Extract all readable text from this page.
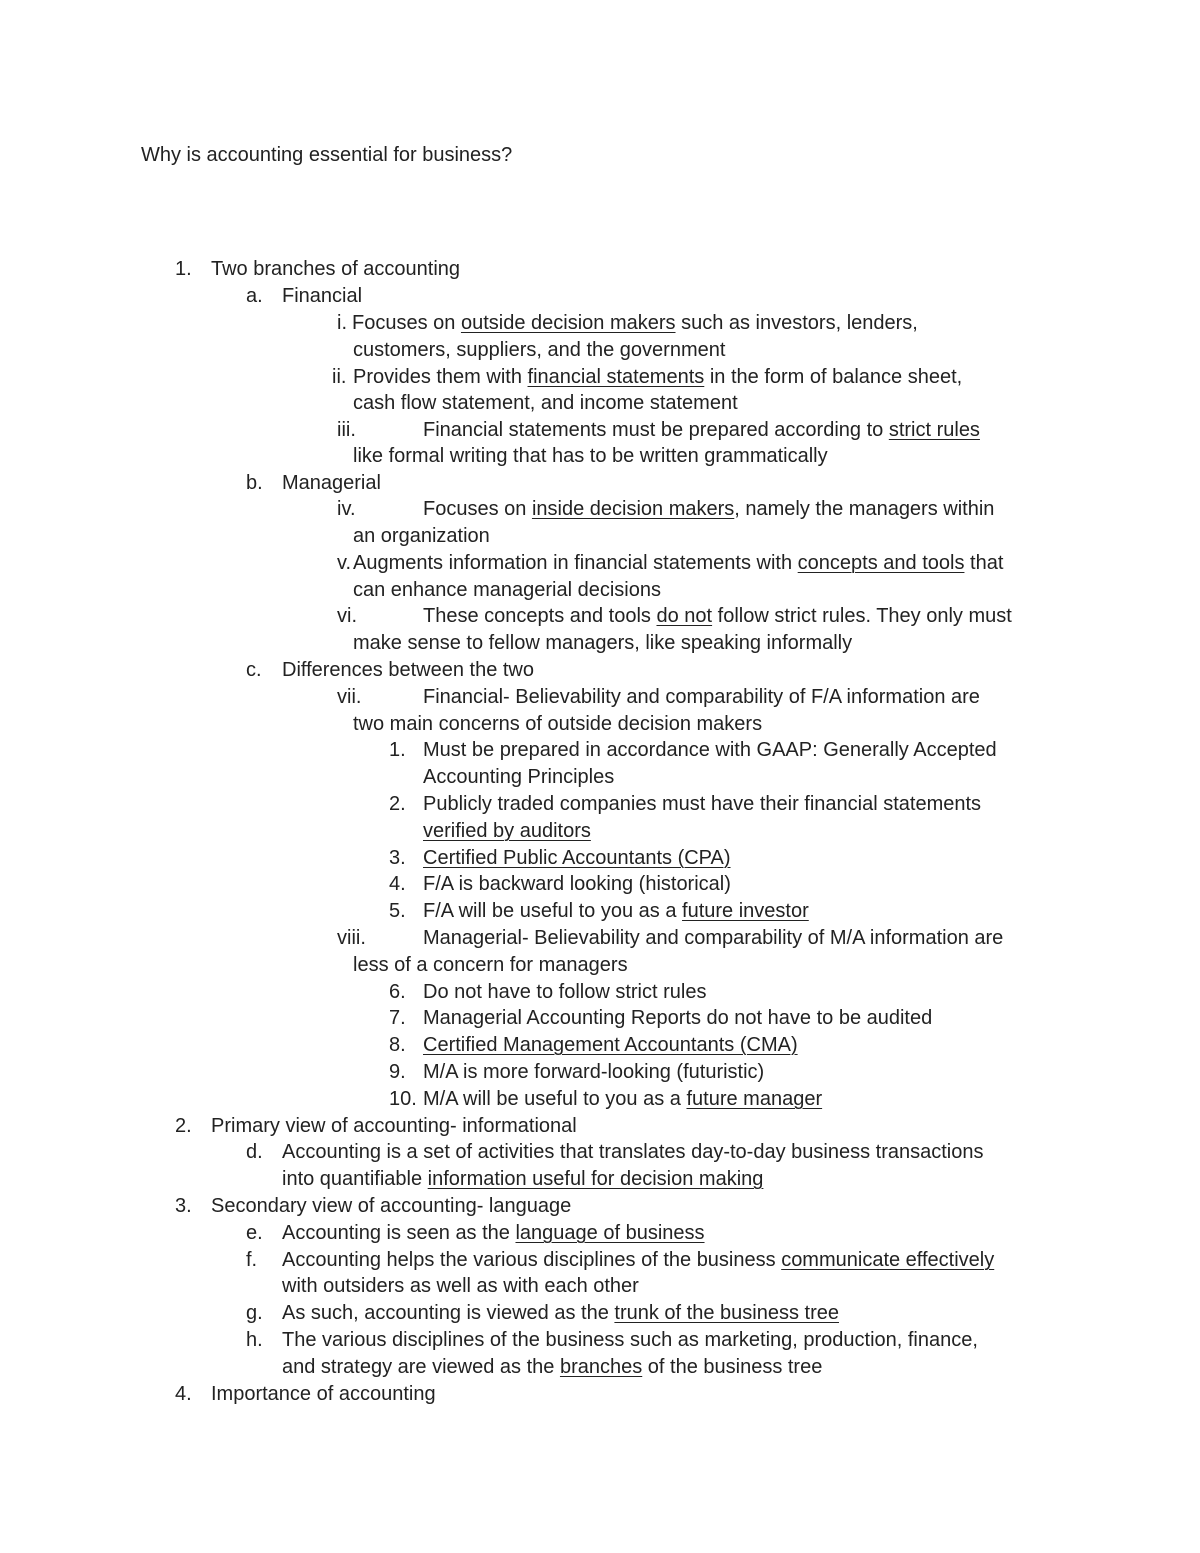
Why is accounting essential for business?
1. Two branches of accounting
a. Financial
i. Focuses on outside decision makers such as investors, lenders,
customers, suppliers, and the government
ii. Provides them with financial statements in the form of balance sheet,
cash flow statement, and income statement
iii.	Financial statements must be prepared according to strict rules
like formal writing that has to be written grammatically
b. Managerial
iv.	Focuses on inside decision makers, namely the managers within
an organization
v. Augments information in financial statements with concepts and tools that
can enhance managerial decisions
vi.	These concepts and tools do not follow strict rules. They only must
make sense to fellow managers, like speaking informally
c. Differences between the two
vii.	Financial- Believability and comparability of F/A information are
two main concerns of outside decision makers
1. Must be prepared in accordance with GAAP: Generally Accepted
Accounting Principles
2. Publicly traded companies must have their financial statements
verified by auditors
3. Certified Public Accountants (CPA)
4. F/A is backward looking (historical)
5. F/A will be useful to you as a future investor
viii.	Managerial- Believability and comparability of M/A information are
less of a concern for managers
6. Do not have to follow strict rules
7. Managerial Accounting Reports do not have to be audited
8. Certified Management Accountants (CMA)
9. M/A is more forward-looking (futuristic)
10. M/A will be useful to you as a future manager
2. Primary view of accounting- informational
d. Accounting is a set of activities that translates day-to-day business transactions
into quantifiable information useful for decision making
3. Secondary view of accounting- language
e. Accounting is seen as the language of business
f. Accounting helps the various disciplines of the business communicate effectively
with outsiders as well as with each other
g. As such, accounting is viewed as the trunk of the business tree
h. The various disciplines of the business such as marketing, production, finance,
and strategy are viewed as the branches of the business tree
4. Importance of accounting
